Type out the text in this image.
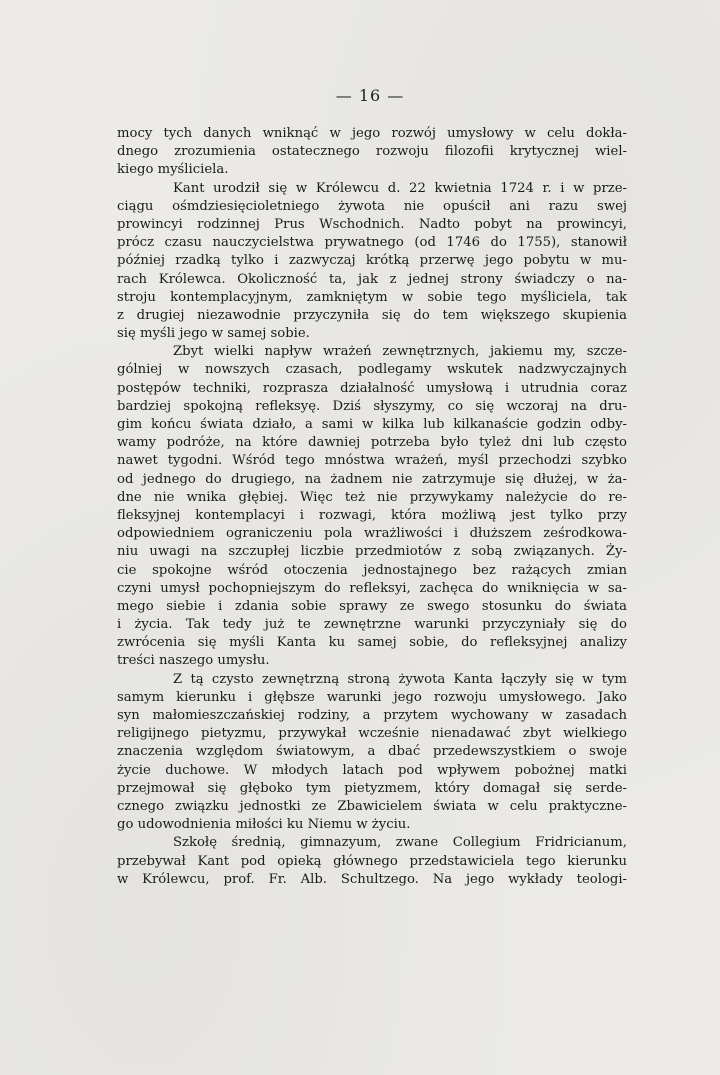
— 16 —
mocy tych danych wniknąć w jego rozwój umysłowy w celu dokła-
dnego zrozumienia ostatecznego rozwoju filozofii krytycznej wiel-
kiego myśliciela.
Kant urodził się w Królewcu d. 22 kwietnia 1724 r. i w prze-
ciągu ośmdziesięcioletniego żywota nie opuścił ani razu swej
prowincyi rodzinnej Prus Wschodnich. Nadto pobyt na prowincyi,
prócz czasu nauczycielstwa prywatnego (od 1746 do 1755), stanowił
później rzadką tylko i zazwyczaj krótką przerwę jego pobytu w mu-
rach Królewca. Okoliczność ta, jak z jednej strony świadczy o na-
stroju kontemplacyjnym, zamkniętym w sobie tego myśliciela, tak
z drugiej niezawodnie przyczyniła się do tem większego skupienia
się myśli jego w samej sobie.
Zbyt wielki napływ wrażeń zewnętrznych, jakiemu my, szcze-
gólniej w nowszych czasach, podlegamy wskutek nadzwyczajnych
postępów techniki, rozprasza działalność umysłową i utrudnia coraz
bardziej spokojną refleksyę. Dziś słyszymy, co się wczoraj na dru-
gim końcu świata działo, a sami w kilka lub kilkanaście godzin odby-
wamy podróże, na które dawniej potrzeba było tyleż dni lub często
nawet tygodni. Wśród tego mnóstwa wrażeń, myśl przechodzi szybko
od jednego do drugiego, na żadnem nie zatrzymuje się dłużej, w ża-
dne nie wnika głębiej. Więc też nie przywykamy należycie do re-
fleksyjnej kontemplacyi i rozwagi, która możliwą jest tylko przy
odpowiedniem ograniczeniu pola wrażliwości i dłuższem ześrodkowa-
niu uwagi na szczupłej liczbie przedmiotów z sobą związanych. Ży-
cie spokojne wśród otoczenia jednostajnego bez rażących zmian
czyni umysł pochopniejszym do refleksyi, zachęca do wniknięcia w sa-
mego siebie i zdania sobie sprawy ze swego stosunku do świata
i życia. Tak tedy już te zewnętrzne warunki przyczyniały się do
zwrócenia się myśli Kanta ku samej sobie, do refleksyjnej analizy
treści naszego umysłu.
Z tą czysto zewnętrzną stroną żywota Kanta łączyły się w tym
samym kierunku i głębsze warunki jego rozwoju umysłowego. Jako
syn małomieszczańskiej rodziny, a przytem wychowany w zasadach
religijnego pietyzmu, przywykał wcześnie nienadawać zbyt wielkiego
znaczenia względom światowym, a dbać przedewszystkiem o swoje
życie duchowe. W młodych latach pod wpływem pobożnej matki
przejmował się głęboko tym pietyzmem, który domagał się serde-
cznego związku jednostki ze Zbawicielem świata w celu praktyczne-
go udowodnienia miłości ku Niemu w życiu.
Szkołę średnią, gimnazyum, zwane Collegium Fridricianum,
przebywał Kant pod opieką głównego przedstawiciela tego kierunku
w Królewcu, prof. Fr. Alb. Schultzego. Na jego wykłady teologi-
